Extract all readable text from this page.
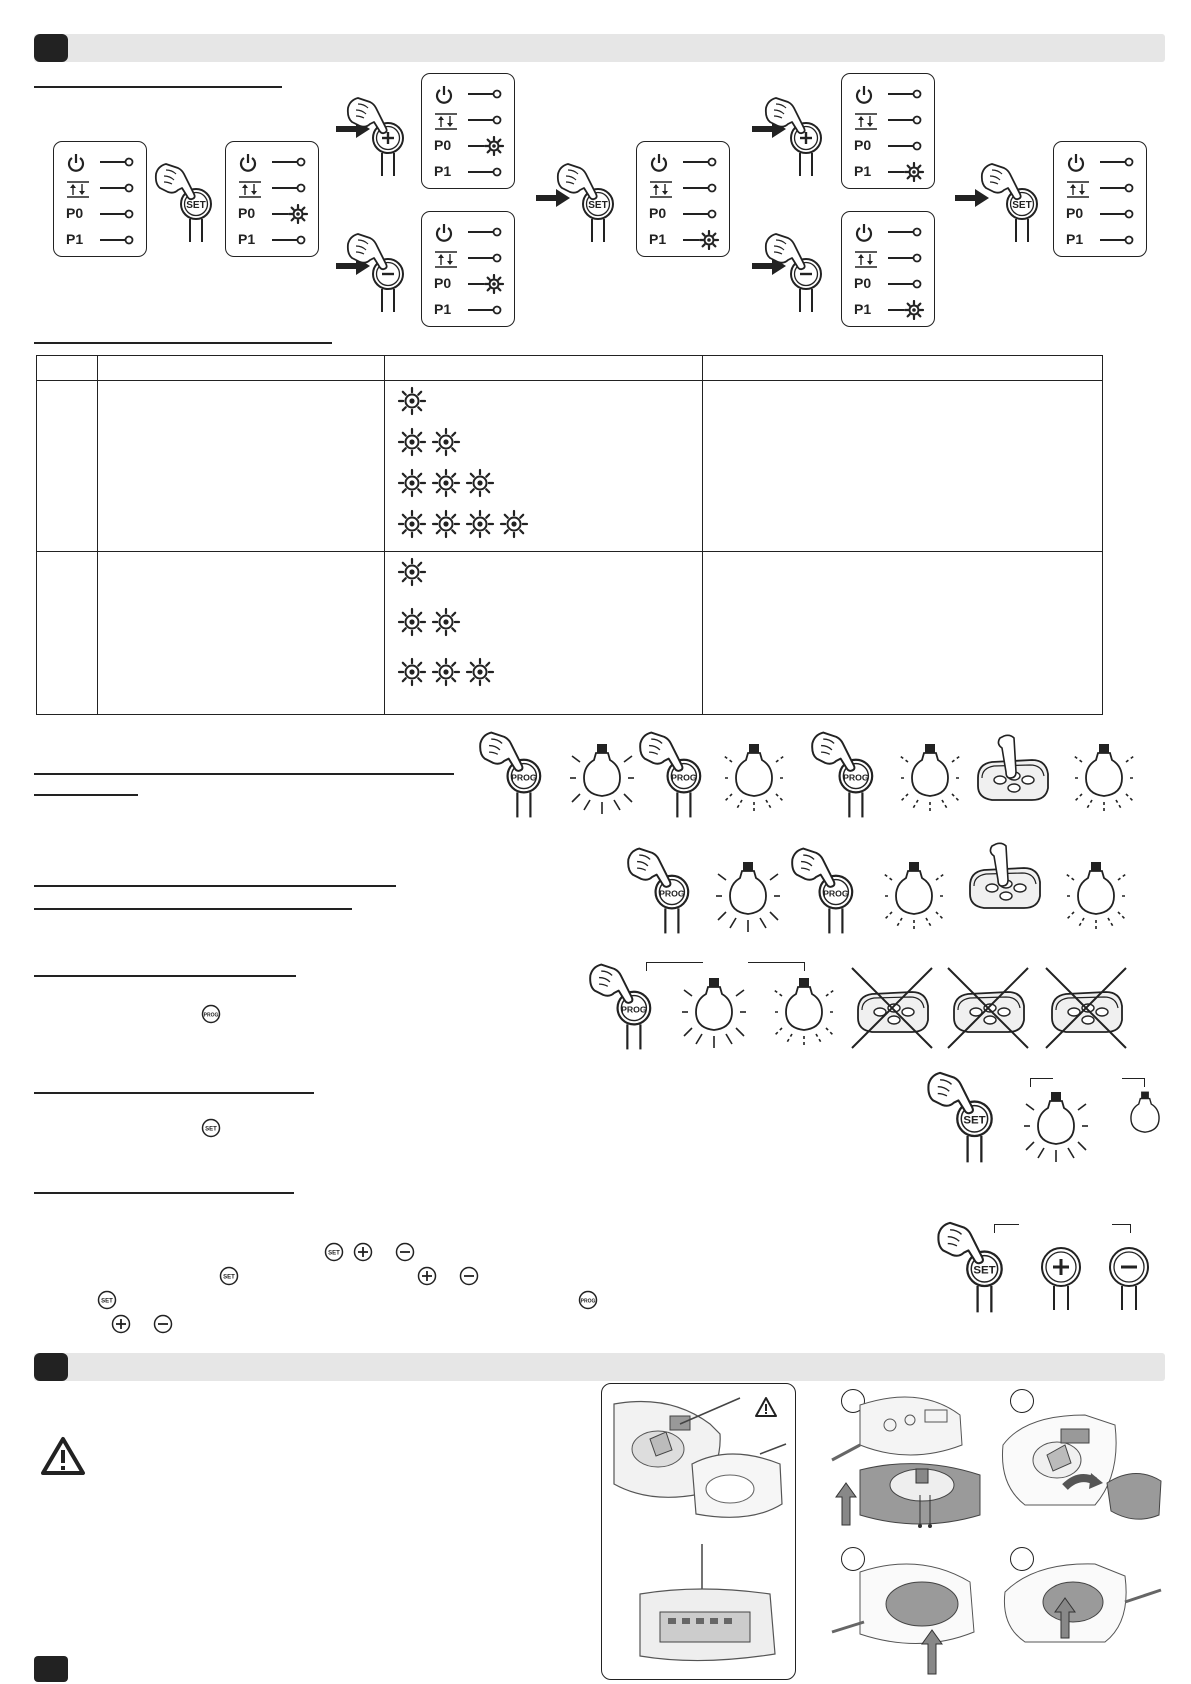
P0
P1
SET P0
P1
P0
P1
P0
P1
SET	P0
P1
P0
P1
P0
P1
SET P0
P1

PROG	PROG	PROG
PROG	PROG
PROG
SET
SET
PROG
SET
SET
SET
SET	PROG
